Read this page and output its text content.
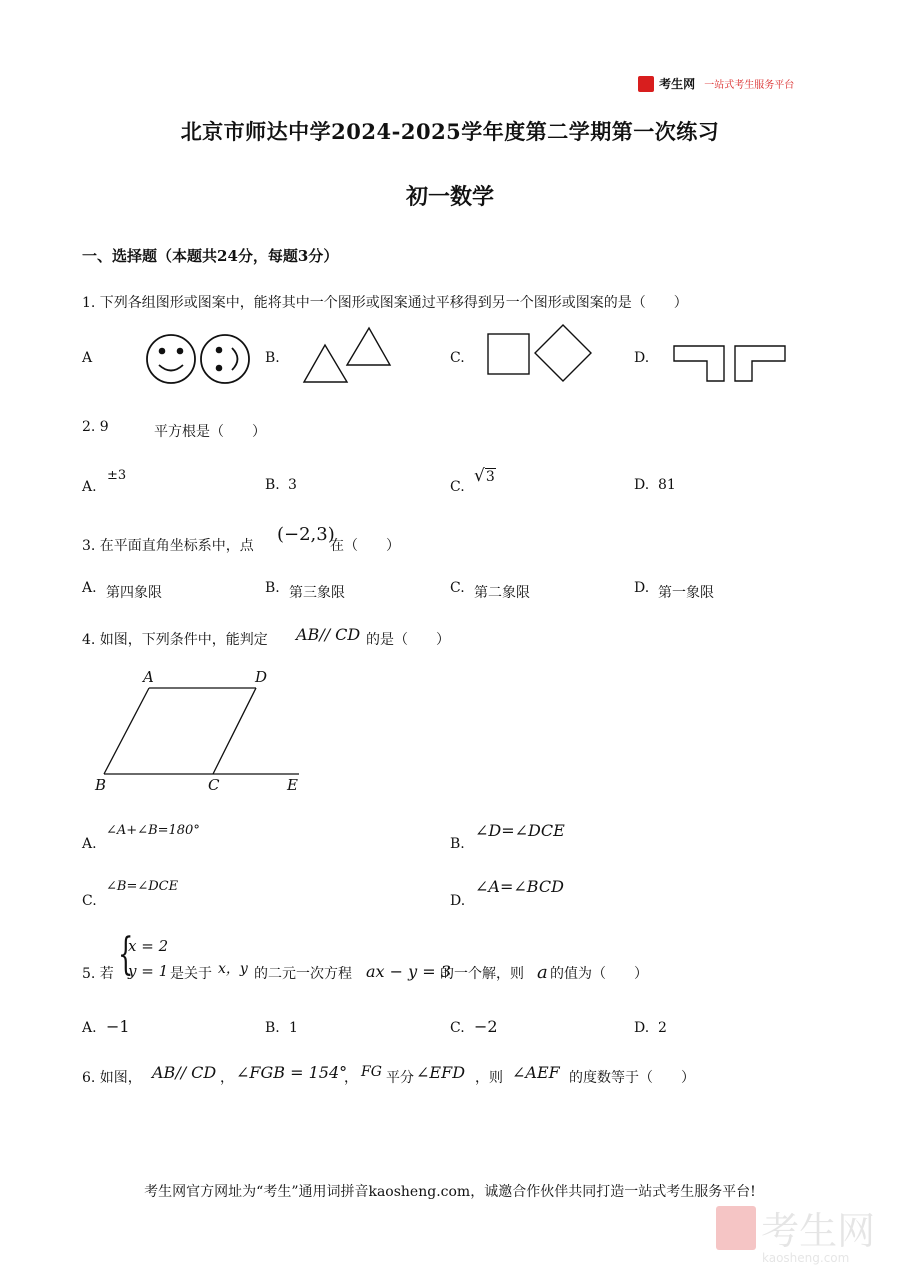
考生网 一站式考生服务平台
北京市师达中学2024-2025学年度第二学期第一次练习
初一数学
一、选择题（本题共24分，每题3分）
1. 下列各组图形或图案中，能将其中一个图形或图案通过平移得到另一个图形或图案的是（　　）
A	B.	C.	D.
2. 9	平方根是（　　）
A.
±3
B. 3	C.
√3	D. 81
3. 在平面直角坐标系中，点
(−2,3)
在（　　）
A. 第四象限	B. 第三象限	C. 第二象限	D. 第一象限
4. 如图，下列条件中，能判定 AB// CD 的是（　　）
A	D
B	C	E
A.
∠A+∠B=180°
B.
∠D=∠DCE
C.
∠B=∠DCE
D.
∠A=∠BCD
5. 若 {
x = 2
y = 1 是关于 x，y 的二元一次方程 ax − y = 3
的一个解，则 a 的值为（　　）
A. −1	B. 1	C. −2	D. 2
6. 如图， AB// CD ， ∠FGB = 154°
， FG 平分 ∠EFD ，则 ∠AEF 的度数等于（　　）
考生网官方网址为“考生”通用词拼音kaosheng.com，诚邀合作伙伴共同打造一站式考生服务平台!
考生网
kaosheng.com
